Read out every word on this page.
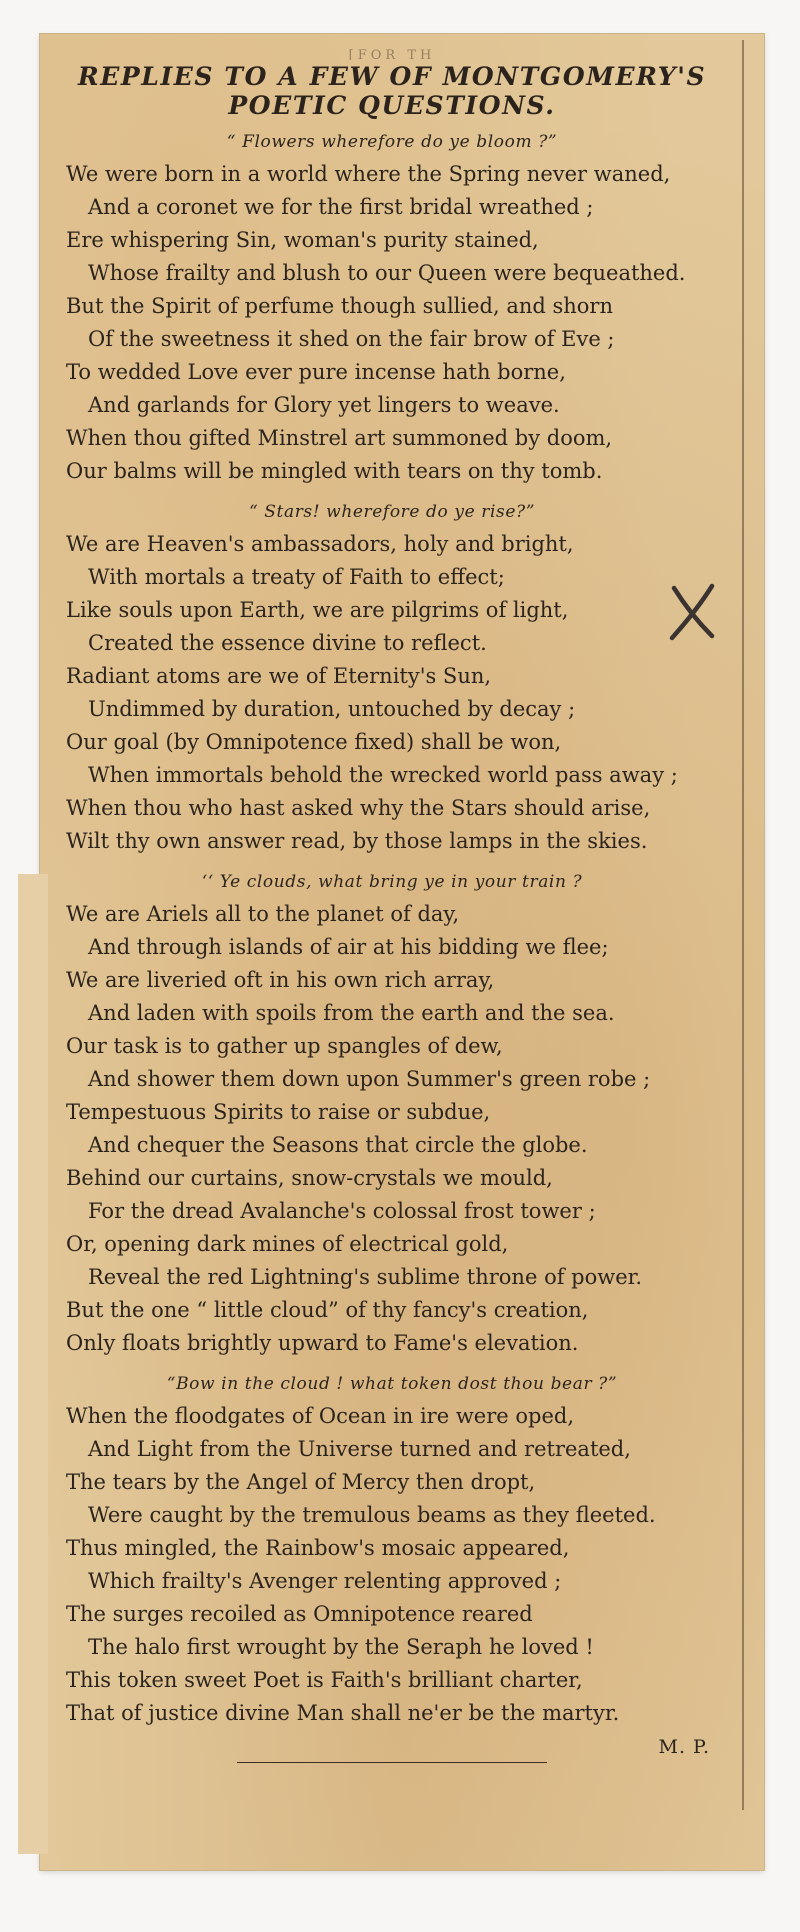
[FOR TH
REPLIES TO A FEW OF MONTGOMERY'S
POETIC QUESTIONS.
“ Flowers wherefore do ye bloom ?”
We were born in a world where the Spring never waned,
And a coronet we for the first bridal wreathed ;
Ere whispering Sin, woman's purity stained,
Whose frailty and blush to our Queen were bequeathed.
But the Spirit of perfume though sullied, and shorn
Of the sweetness it shed on the fair brow of Eve ;
To wedded Love ever pure incense hath borne,
And garlands for Glory yet lingers to weave.
When thou gifted Minstrel art summoned by doom,
Our balms will be mingled with tears on thy tomb.
“ Stars! wherefore do ye rise?”
We are Heaven's ambassadors, holy and bright,
With mortals a treaty of Faith to effect;
Like souls upon Earth, we are pilgrims of light,
Created the essence divine to reflect.
Radiant atoms are we of Eternity's Sun,
Undimmed by duration, untouched by decay ;
Our goal (by Omnipotence fixed) shall be won,
When immortals behold the wrecked world pass away ;
When thou who hast asked why the Stars should arise,
Wilt thy own answer read, by those lamps in the skies.
‘‘ Ye clouds, what bring ye in your train ?
We are Ariels all to the planet of day,
And through islands of air at his bidding we flee;
We are liveried oft in his own rich array,
And laden with spoils from the earth and the sea.
Our task is to gather up spangles of dew,
And shower them down upon Summer's green robe ;
Tempestuous Spirits to raise or subdue,
And chequer the Seasons that circle the globe.
Behind our curtains, snow-crystals we mould,
For the dread Avalanche's colossal frost tower ;
Or, opening dark mines of electrical gold,
Reveal the red Lightning's sublime throne of power.
But the one “ little cloud” of thy fancy's creation,
Only floats brightly upward to Fame's elevation.
“Bow in the cloud ! what token dost thou bear ?”
When the floodgates of Ocean in ire were oped,
And Light from the Universe turned and retreated,
The tears by the Angel of Mercy then dropt,
Were caught by the tremulous beams as they fleeted.
Thus mingled, the Rainbow's mosaic appeared,
Which frailty's Avenger relenting approved ;
The surges recoiled as Omnipotence reared
The halo first wrought by the Seraph he loved !
This token sweet Poet is Faith's brilliant charter,
That of justice divine Man shall ne'er be the martyr.
M. P.
